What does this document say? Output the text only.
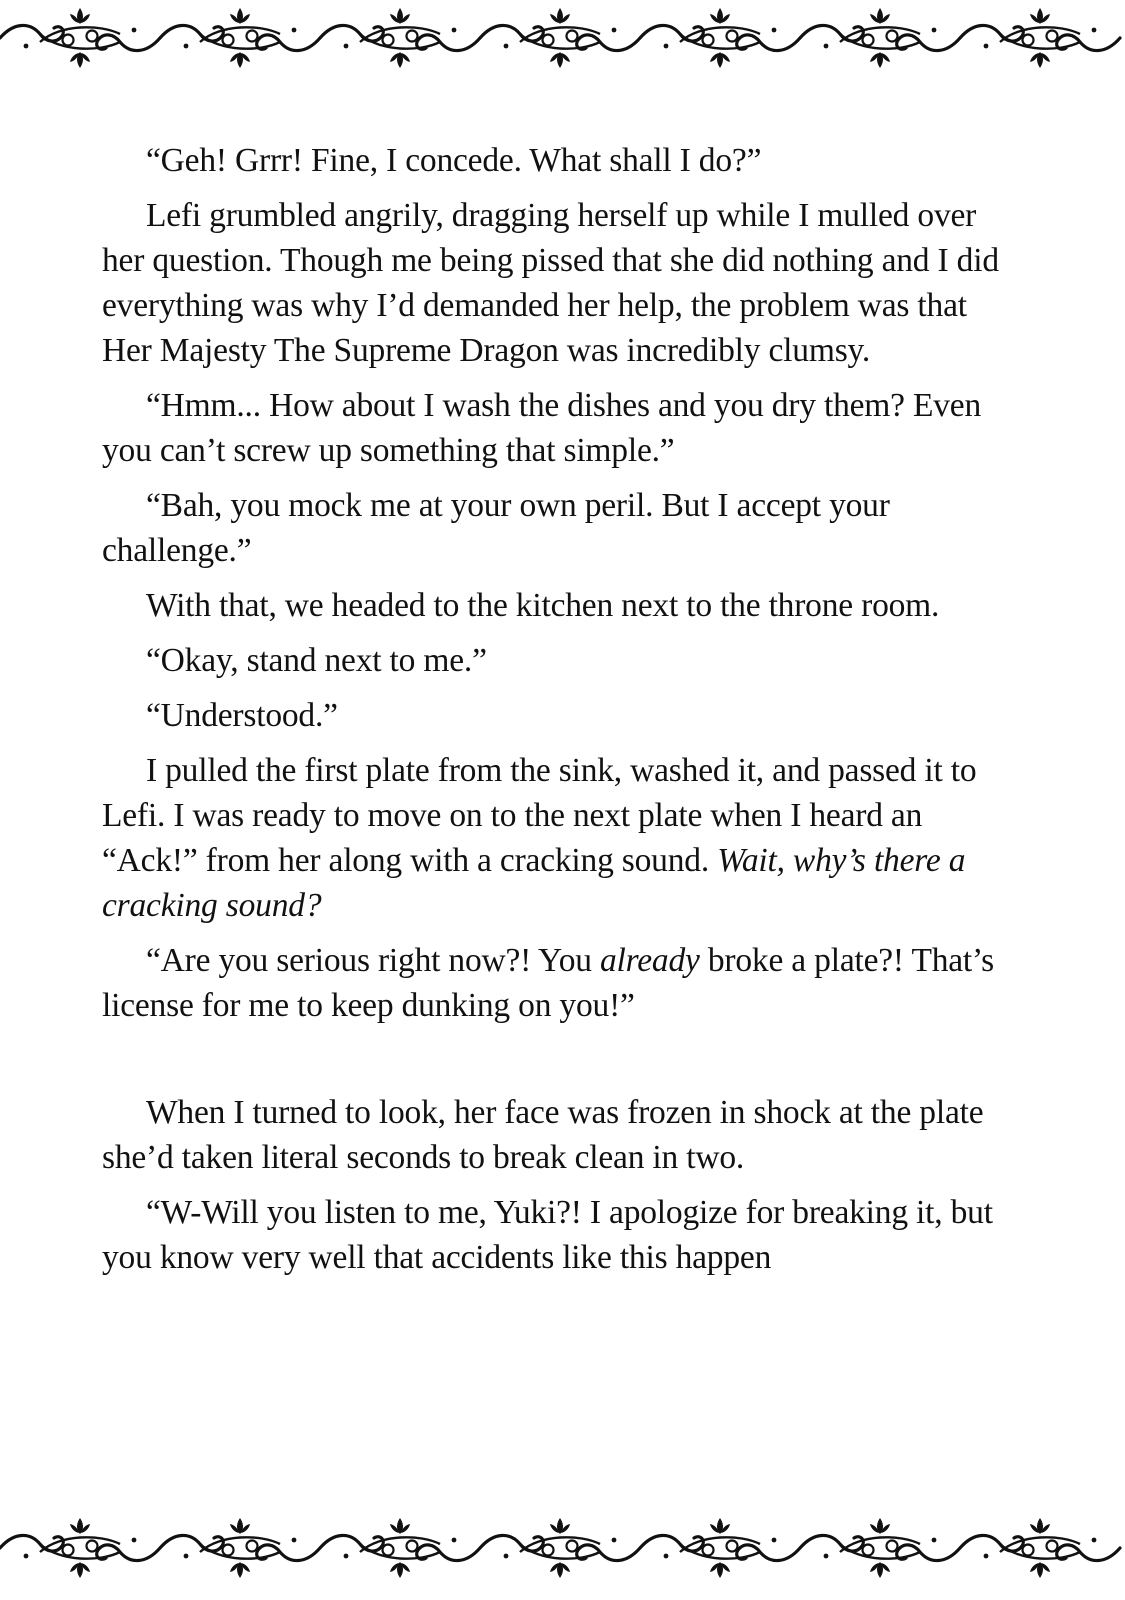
“Geh! Grrr! Fine, I concede. What shall I do?”

Lefi grumbled angrily, dragging herself up while I mulled over her question. Though me being pissed that she did nothing and I did everything was why I’d demanded her help, the problem was that Her Majesty The Supreme Dragon was incredibly clumsy.

“Hmm... How about I wash the dishes and you dry them? Even you can’t screw up something that simple.”

“Bah, you mock me at your own peril. But I accept your challenge.”

With that, we headed to the kitchen next to the throne room.

“Okay, stand next to me.”

“Understood.”

I pulled the first plate from the sink, washed it, and passed it to Lefi. I was ready to move on to the next plate when I heard an “Ack!” from her along with a cracking sound. Wait, why’s there a cracking sound?

“Are you serious right now?! You already broke a plate?! That’s license for me to keep dunking on you!”

When I turned to look, her face was frozen in shock at the plate she’d taken literal seconds to break clean in two.

“W-Will you listen to me, Yuki?! I apologize for breaking it, but you know very well that accidents like this happen
